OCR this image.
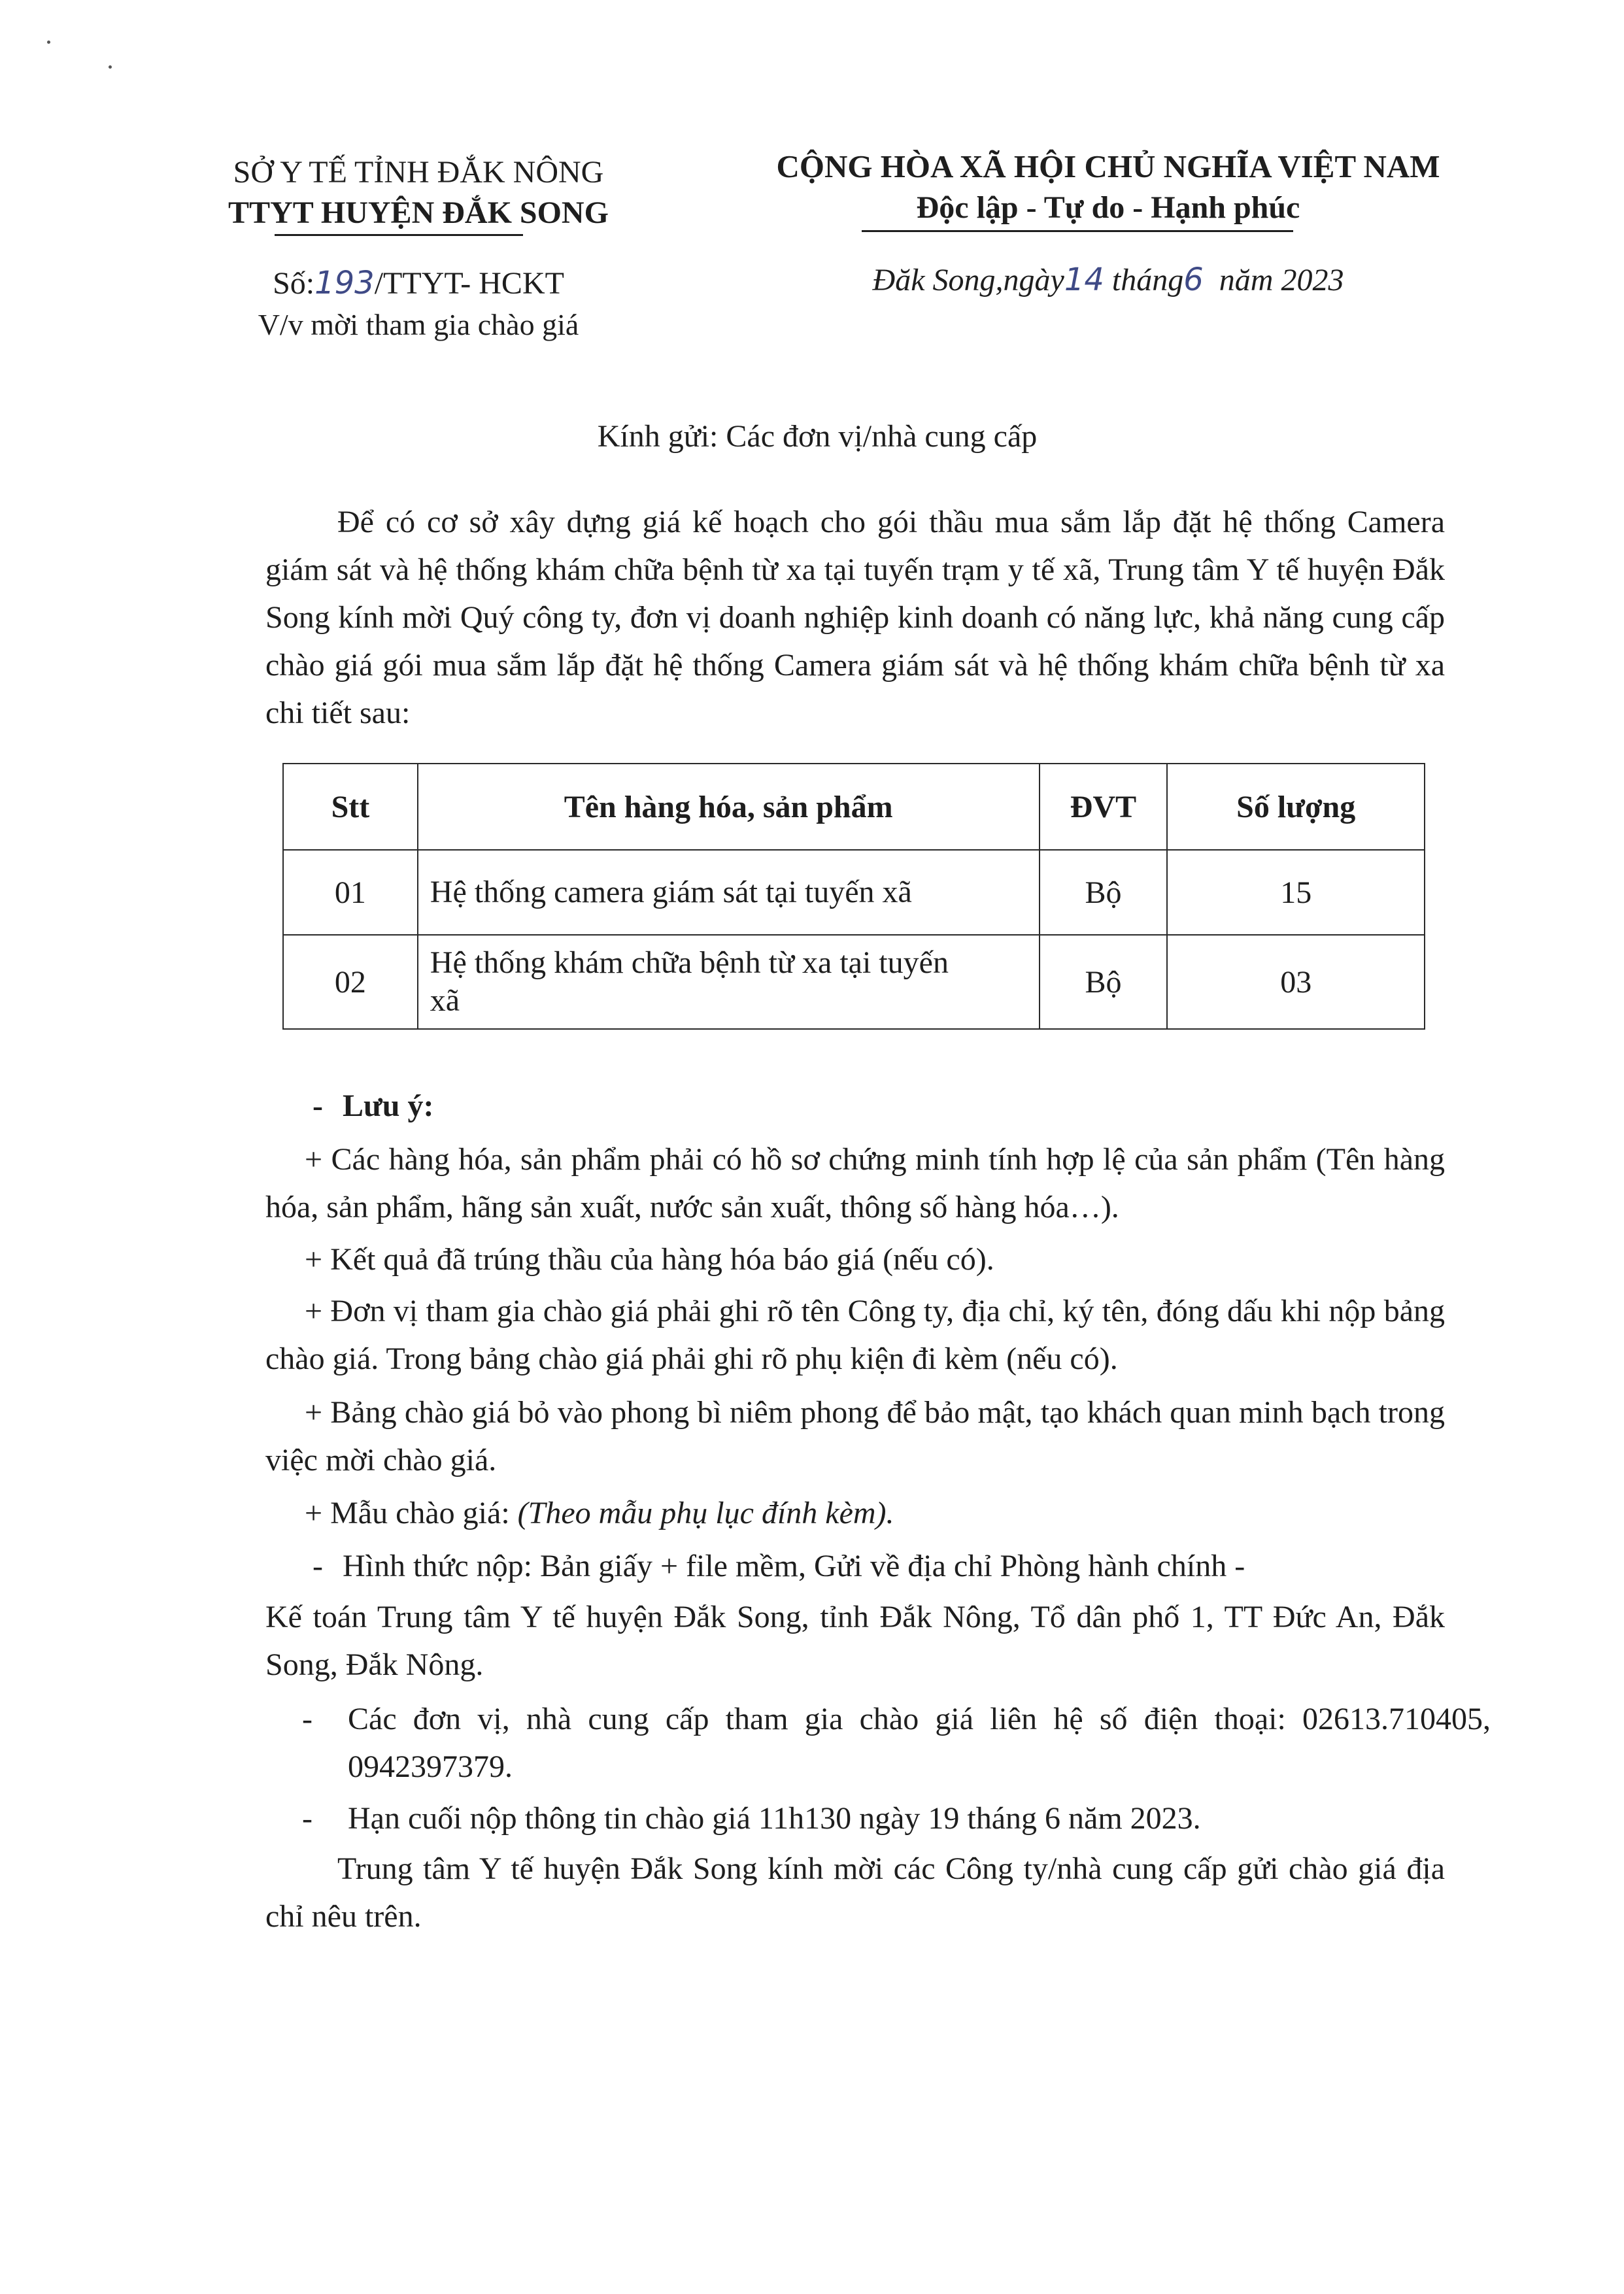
SỞ Y TẾ TỈNH ĐẮK NÔNG
TTYT HUYỆN ĐẮK SONG
Số:193/TTYT- HCKT
V/v mời tham gia chào giá
CỘNG HÒA XÃ HỘI CHỦ NGHĨA VIỆT NAM
Độc lập - Tự do - Hạnh phúc
Đăk Song,ngày14 tháng6 năm 2023
Kính gửi: Các đơn vị/nhà cung cấp
Để có cơ sở xây dựng giá kế hoạch cho gói thầu mua sắm lắp đặt hệ thống Camera giám sát và hệ thống khám chữa bệnh từ xa tại tuyến trạm y tế xã, Trung tâm Y tế huyện Đắk Song kính mời Quý công ty, đơn vị doanh nghiệp kinh doanh có năng lực, khả năng cung cấp chào giá gói mua sắm lắp đặt hệ thống Camera giám sát và hệ thống khám chữa bệnh từ xa chi tiết sau:
Stt	Tên hàng hóa, sản phẩm	ĐVT	Số lượng
01	Hệ thống camera giám sát tại tuyến xã	Bộ	15
02	Hệ thống khám chữa bệnh từ xa tại tuyến xã	Bộ	03
- Lưu ý:
+ Các hàng hóa, sản phẩm phải có hồ sơ chứng minh tính hợp lệ của sản phẩm (Tên hàng hóa, sản phẩm, hãng sản xuất, nước sản xuất, thông số hàng hóa…).
+ Kết quả đã trúng thầu của hàng hóa báo giá (nếu có).
+ Đơn vị tham gia chào giá phải ghi rõ tên Công ty, địa chỉ, ký tên, đóng dấu khi nộp bảng chào giá. Trong bảng chào giá phải ghi rõ phụ kiện đi kèm (nếu có).
+ Bảng chào giá bỏ vào phong bì niêm phong để bảo mật, tạo khách quan minh bạch trong việc mời chào giá.
+ Mẫu chào giá: (Theo mẫu phụ lục đính kèm).
- Hình thức nộp: Bản giấy + file mềm, Gửi về địa chỉ Phòng hành chính -
Kế toán Trung tâm Y tế huyện Đắk Song, tỉnh Đắk Nông, Tổ dân phố 1, TT Đức An, Đắk Song, Đắk Nông.
- Các đơn vị, nhà cung cấp tham gia chào giá liên hệ số điện thoại: 02613.710405, 0942397379.
- Hạn cuối nộp thông tin chào giá 11h130 ngày 19 tháng 6 năm 2023.
Trung tâm Y tế huyện Đắk Song kính mời các Công ty/nhà cung cấp gửi chào giá địa chỉ nêu trên.
